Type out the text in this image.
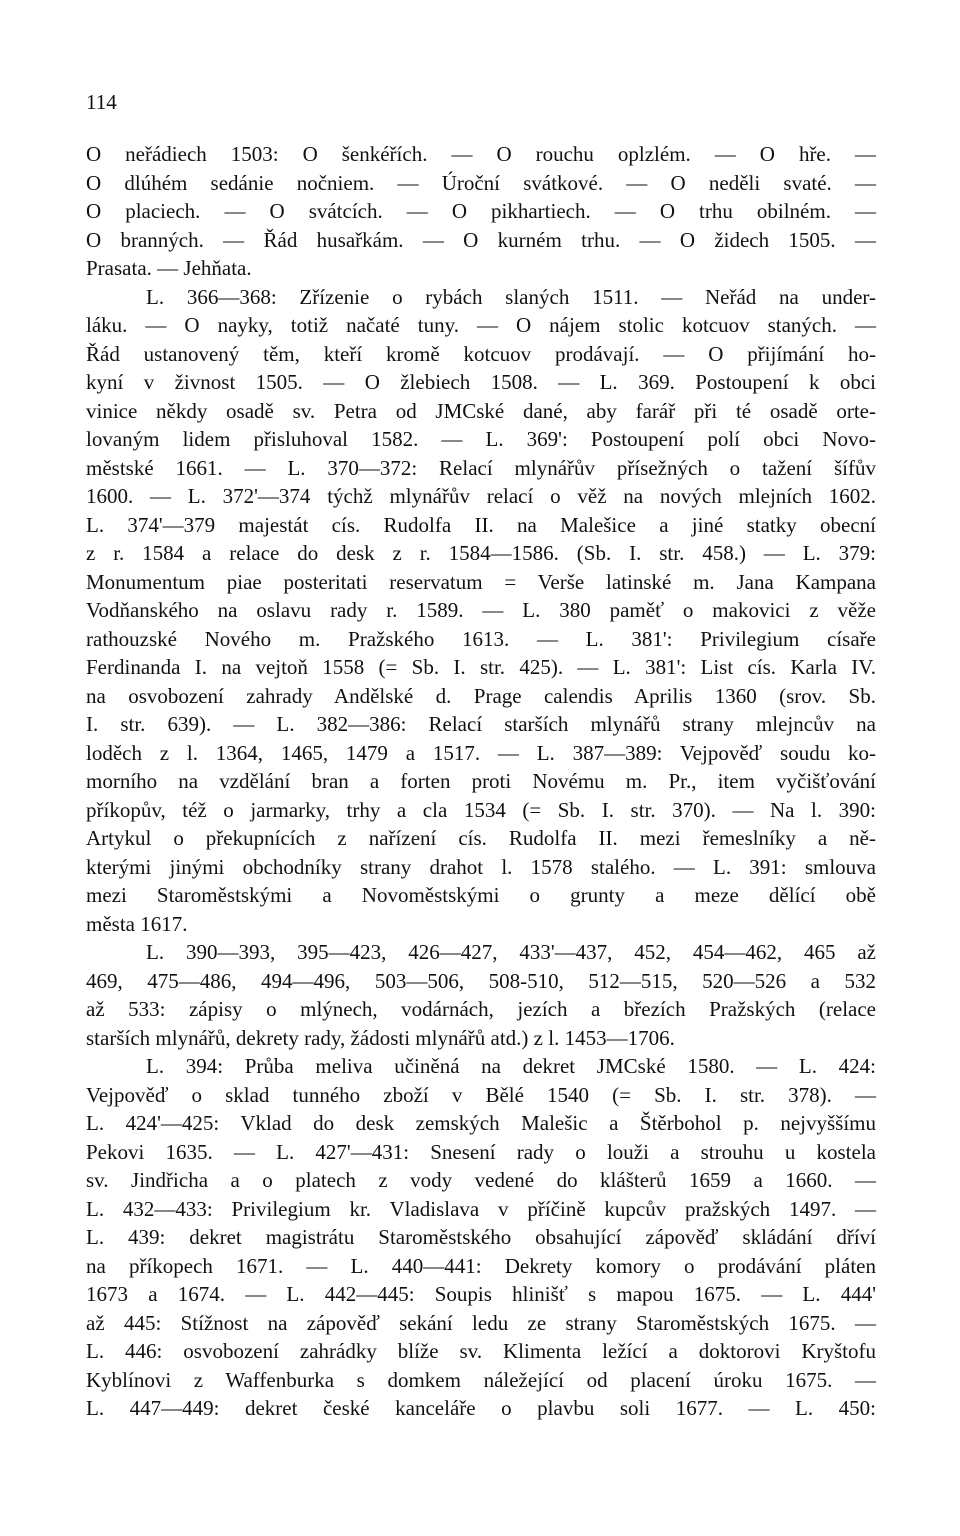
114
O neřádiech 1503: O šenkéřích. — O rouchu oplzlém. — O hře. —
O dlúhém sedánie nočniem. — Úroční svátkové. — O neděli svaté. —
O placiech. — O svátcích. — O pikhartiech. — O trhu obilném. —
O branných. — Řád husařkám. — O kurném trhu. — O židech 1505. —
Prasata. — Jehňata.
L. 366—368: Zřízenie o rybách slaných 1511. — Neřád na under-
láku. — O nayky, totiž načaté tuny. — O nájem stolic kotcuov staných. —
Řád ustanovený těm, kteří kromě kotcuov prodávají. — O přijímání ho-
kyní v živnost 1505. — O žlebiech 1508. — L. 369. Postoupení k obci
vinice někdy osadě sv. Petra od JMCské dané, aby farář při té osadě orte-
lovaným lidem přisluhoval 1582. — L. 369': Postoupení polí obci Novo-
městské 1661. — L. 370—372: Relací mlynářův přísežných o tažení šífův
1600. — L. 372'—374 týchž mlynářův relací o věž na nových mlejních 1602.
L. 374'—379 majestát cís. Rudolfa II. na Malešice a jiné statky obecní
z r. 1584 a relace do desk z r. 1584—1586. (Sb. I. str. 458.) — L. 379:
Monumentum piae posteritati reservatum = Verše latinské m. Jana Kampana
Vodňanského na oslavu rady r. 1589. — L. 380 paměť o makovici z věže
rathouzské Nového m. Pražského 1613. — L. 381': Privilegium císaře
Ferdinanda I. na vejtoň 1558 (= Sb. I. str. 425). — L. 381': List cís. Karla IV.
na osvobození zahrady Andělské d. Prage calendis Aprilis 1360 (srov. Sb.
I. str. 639). — L. 382—386: Relací starších mlynářů strany mlejncův na
loděch z l. 1364, 1465, 1479 a 1517. — L. 387—389: Vejpověď soudu ko-
morního na vzdělání bran a forten proti Novému m. Pr., item vyčišťování
příkopův, též o jarmarky, trhy a cla 1534 (= Sb. I. str. 370). — Na l. 390:
Artykul o překupnících z nařízení cís. Rudolfa II. mezi řemeslníky a ně-
kterými jinými obchodníky strany drahot l. 1578 stalého. — L. 391: smlouva
mezi Staroměstskými a Novoměstskými o grunty a meze dělící obě
města 1617.
L. 390—393, 395—423, 426—427, 433'—437, 452, 454—462, 465 až
469, 475—486, 494—496, 503—506, 508-510, 512—515, 520—526 a 532
až 533: zápisy o mlýnech, vodárnách, jezích a březích Pražských (relace
starších mlynářů, dekrety rady, žádosti mlynářů atd.) z l. 1453—1706.
L. 394: Průba meliva učiněná na dekret JMCské 1580. — L. 424:
Vejpověď o sklad tunného zboží v Bělé 1540 (= Sb. I. str. 378). —
L. 424'—425: Vklad do desk zemských Malešic a Štěrbohol p. nejvyššímu
Pekovi 1635. — L. 427'—431: Snesení rady o louži a strouhu u kostela
sv. Jindřicha a o platech z vody vedené do klášterů 1659 a 1660. —
L. 432—433: Privilegium kr. Vladislava v příčině kupcův pražských 1497. —
L. 439: dekret magistrátu Staroměstského obsahující zápověď skládání dříví
na příkopech 1671. — L. 440—441: Dekrety komory o prodávání pláten
1673 a 1674. — L. 442—445: Soupis hlinišť s mapou 1675. — L. 444'
až 445: Stížnost na zápověď sekání ledu ze strany Staroměstských 1675. —
L. 446: osvobození zahrádky blíže sv. Klimenta ležící a doktorovi Kryštofu
Kyblínovi z Waffenburka s domkem náležející od placení úroku 1675. —
L. 447—449: dekret české kanceláře o plavbu soli 1677. — L. 450:
